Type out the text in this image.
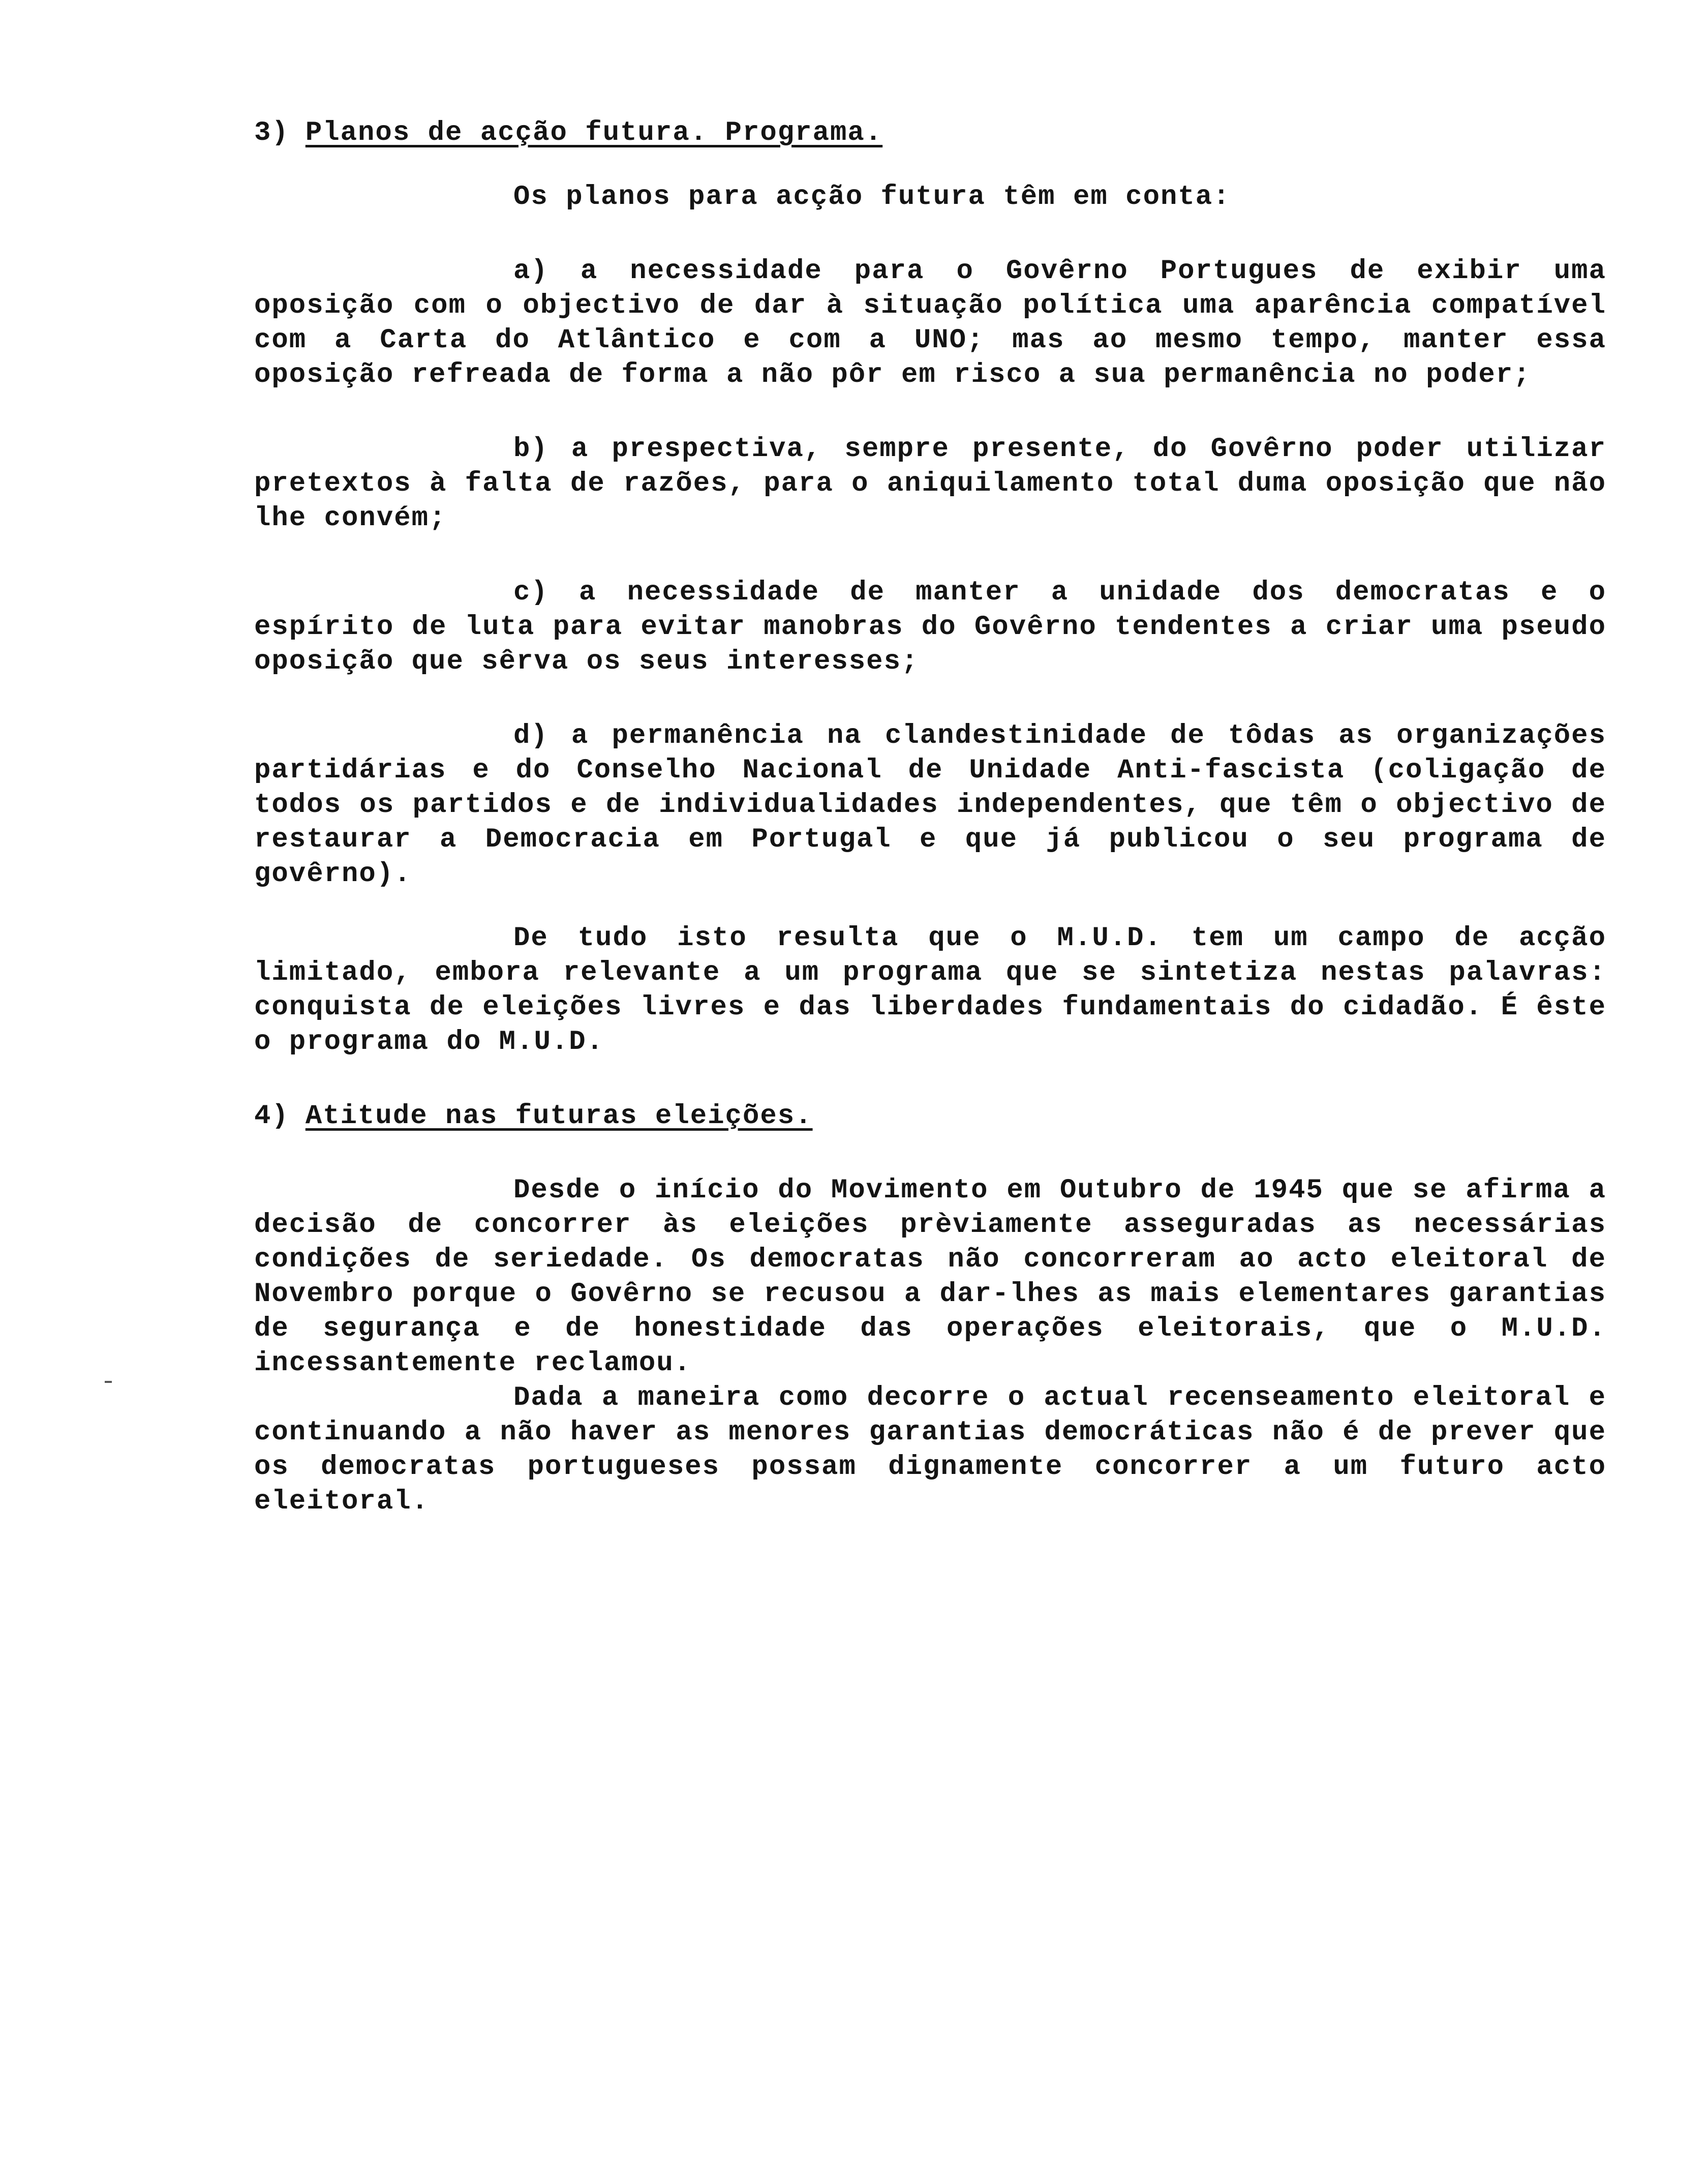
3) Planos de acção futura. Programa.

Os planos para acção futura têm em conta:

a) a necessidade para o Govêrno Portugues de exibir uma oposição com o objectivo de dar à situação política uma aparência compatível com a Carta do Atlântico e com a UNO; mas ao mesmo tempo, manter essa oposição refreada de forma a não pôr em risco a sua permanência no poder;

b) a prespectiva, sempre presente, do Govêrno poder utilizar pretextos à falta de razões, para o aniquilamento total duma oposição que não lhe convém;

c) a necessidade de manter a unidade dos democratas e o espírito de luta para evitar manobras do Govêrno tendentes a criar uma pseudo oposição que sêrva os seus interesses;

d) a permanência na clandestinidade de tôdas as organizações partidárias e do Conselho Nacional de Unidade Anti-fascista (coligação de todos os partidos e de individualidades independentes, que têm o objectivo de restaurar a Democracia em Portugal e que já publicou o seu programa de govêrno).

De tudo isto resulta que o M.U.D. tem um campo de acção limitado, embora relevante a um programa que se sintetiza nestas palavras: conquista de eleições livres e das liberdades fundamentais do cidadão. É êste o programa do M.U.D.

4) Atitude nas futuras eleições.

Desde o início do Movimento em Outubro de 1945 que se afirma a decisão de concorrer às eleições prèviamente asseguradas as necessárias condições de seriedade. Os democratas não concorreram ao acto eleitoral de Novembro porque o Govêrno se recusou a dar-lhes as mais elementares garantias de segurança e de honestidade das operações eleitorais, que o M.U.D. incessantemente reclamou.

Dada a maneira como decorre o actual recenseamento eleitoral e continuando a não haver as menores garantias democráticas não é de prever que os democratas portugueses possam dignamente concorrer a um futuro acto eleitoral.
